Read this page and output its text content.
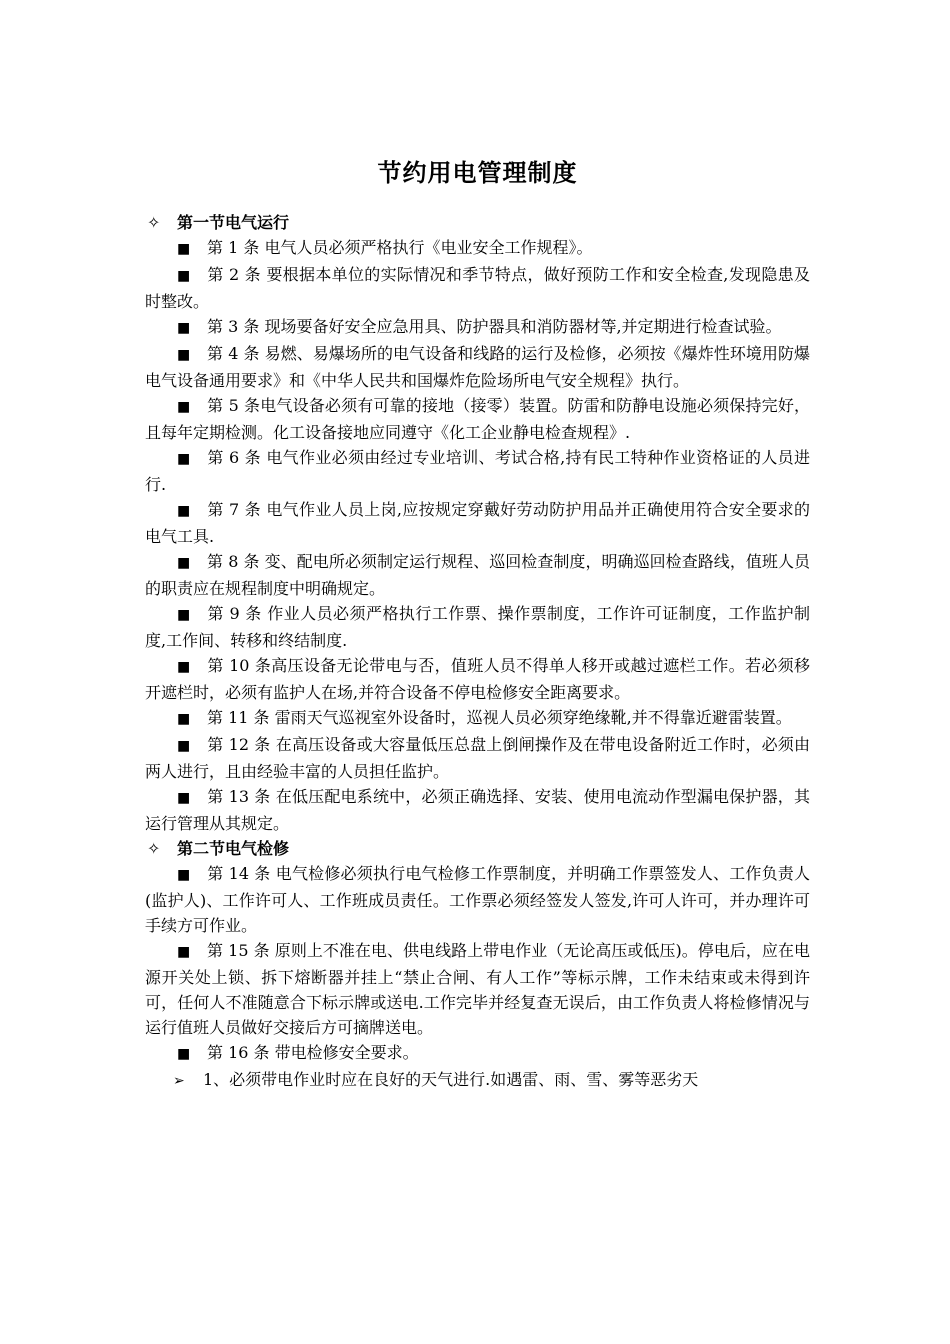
节约用电管理制度
✧ 第一节电气运行

■ 第 1 条 电气人员必须严格执行《电业安全工作规程》。

■ 第 2 条 要根据本单位的实际情况和季节特点，做好预防工作和安全检查,发现隐患及时整改。

■ 第 3 条 现场要备好安全应急用具、防护器具和消防器材等,并定期进行检查试验。

■ 第 4 条 易燃、易爆场所的电气设备和线路的运行及检修，必须按《爆炸性环境用防爆电气设备通用要求》和《中华人民共和国爆炸危险场所电气安全规程》执行。

■ 第 5 条电气设备必须有可靠的接地（接零）装置。防雷和防静电设施必须保持完好，且每年定期检测。化工设备接地应同遵守《化工企业静电检查规程》.

■ 第 6 条 电气作业必须由经过专业培训、考试合格,持有民工特种作业资格证的人员进行.

■ 第 7 条 电气作业人员上岗,应按规定穿戴好劳动防护用品并正确使用符合安全要求的电气工具.

■ 第 8 条 变、配电所必须制定运行规程、巡回检查制度，明确巡回检查路线，值班人员的职责应在规程制度中明确规定。

■ 第 9 条 作业人员必须严格执行工作票、操作票制度，工作许可证制度，工作监护制度,工作间、转移和终结制度.

■ 第 10 条高压设备无论带电与否，值班人员不得单人移开或越过遮栏工作。若必须移开遮栏时，必须有监护人在场,并符合设备不停电检修安全距离要求。

■ 第 11 条 雷雨天气巡视室外设备时，巡视人员必须穿绝缘靴,并不得靠近避雷装置。

■ 第 12 条 在高压设备或大容量低压总盘上倒闸操作及在带电设备附近工作时，必须由两人进行，且由经验丰富的人员担任监护。

■ 第 13 条 在低压配电系统中，必须正确选择、安装、使用电流动作型漏电保护器，其运行管理从其规定。

✧ 第二节电气检修

■ 第 14 条 电气检修必须执行电气检修工作票制度，并明确工作票签发人、工作负责人(监护人)、工作许可人、工作班成员责任。工作票必须经签发人签发,许可人许可，并办理许可手续方可作业。

■ 第 15 条 原则上不准在电、供电线路上带电作业（无论高压或低压)。停电后，应在电源开关处上锁、拆下熔断器并挂上“禁止合闸、有人工作”等标示牌，工作未结束或未得到许可，任何人不准随意合下标示牌或送电.工作完毕并经复查无误后，由工作负责人将检修情况与运行值班人员做好交接后方可摘牌送电。

■ 第 16 条 带电检修安全要求。

➢ 1、必须带电作业时应在良好的天气进行.如遇雷、雨、雪、雾等恶劣天
